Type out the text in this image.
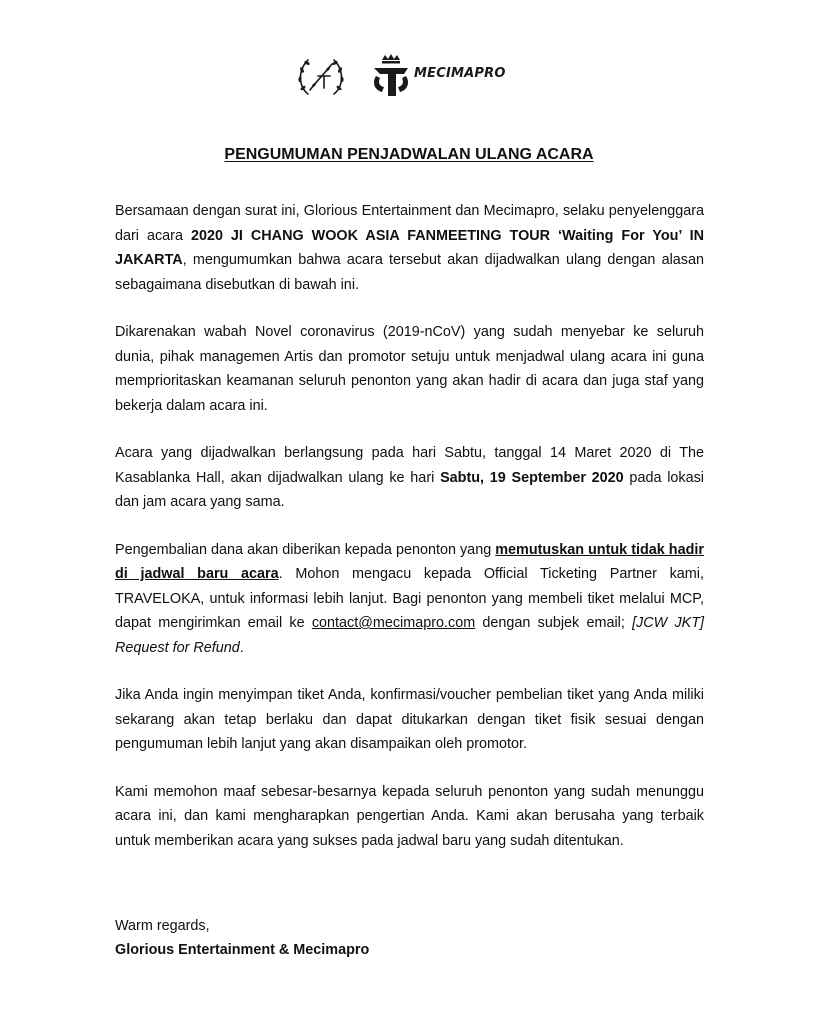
MECIMAPRO
PENGUMUMAN PENJADWALAN ULANG ACARA

Bersamaan dengan surat ini, Glorious Entertainment dan Mecimapro, selaku penyelenggara dari acara 2020 JI CHANG WOOK ASIA FANMEETING TOUR ‘Waiting For You’ IN JAKARTA, mengumumkan bahwa acara tersebut akan dijadwalkan ulang dengan alasan sebagaimana disebutkan di bawah ini.

Dikarenakan wabah Novel coronavirus (2019-nCoV) yang sudah menyebar ke seluruh dunia, pihak managemen Artis dan promotor setuju untuk menjadwal ulang acara ini guna memprioritaskan keamanan seluruh penonton yang akan hadir di acara dan juga staf yang bekerja dalam acara ini.

Acara yang dijadwalkan berlangsung pada hari Sabtu, tanggal 14 Maret 2020 di The Kasablanka Hall, akan dijadwalkan ulang ke hari Sabtu, 19 September 2020 pada lokasi dan jam acara yang sama.

Pengembalian dana akan diberikan kepada penonton yang memutuskan untuk tidak hadir di jadwal baru acara. Mohon mengacu kepada Official Ticketing Partner kami, TRAVELOKA, untuk informasi lebih lanjut. Bagi penonton yang membeli tiket melalui MCP, dapat mengirimkan email ke contact@mecimapro.com dengan subjek email; [JCW JKT] Request for Refund.

Jika Anda ingin menyimpan tiket Anda, konfirmasi/voucher pembelian tiket yang Anda miliki sekarang akan tetap berlaku dan dapat ditukarkan dengan tiket fisik sesuai dengan pengumuman lebih lanjut yang akan disampaikan oleh promotor.

Kami memohon maaf sebesar-besarnya kepada seluruh penonton yang sudah menunggu acara ini, dan kami mengharapkan pengertian Anda. Kami akan berusaha yang terbaik untuk memberikan acara yang sukses pada jadwal baru yang sudah ditentukan.

Warm regards,
Glorious Entertainment & Mecimapro
